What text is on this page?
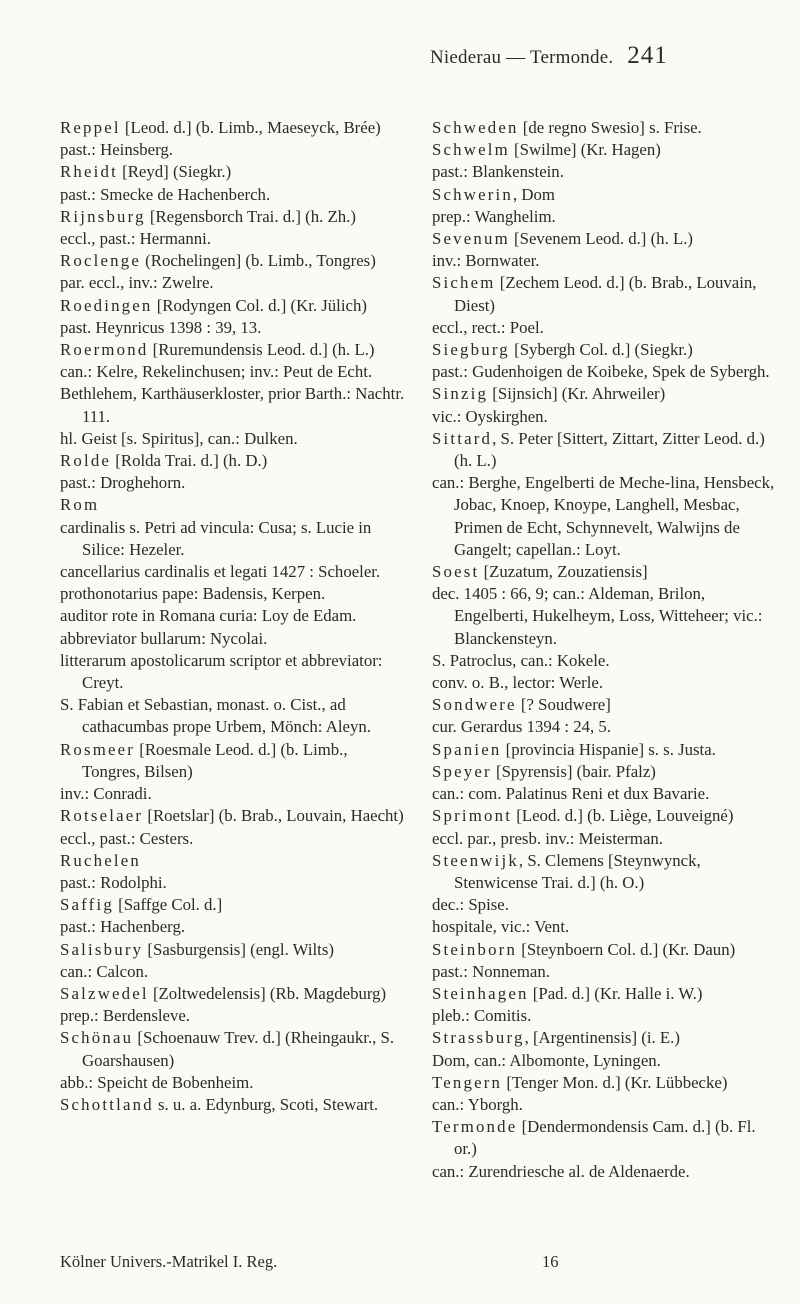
Niederau — Termonde. 241

Reppel [Leod. d.] (b. Limb., Maeseyck, Brée)
past.: Heinsberg.

Rheidt [Reyd] (Siegkr.)
past.: Smecke de Hachenberch.

Rijnsburg [Regensborch Trai. d.] (h. Zh.)
eccl., past.: Hermanni.

Roclenge (Rochelingen] (b. Limb., Tongres)
par. eccl., inv.: Zwelre.

Roedingen [Rodyngen Col. d.] (Kr. Jülich)
past. Heynricus 1398 : 39, 13.

Roermond [Ruremundensis Leod. d.] (h. L.)
can.: Kelre, Rekelinchusen; inv.: Peut de Echt.
Bethlehem, Karthäuserkloster, prior Barth.: Nachtr. 111.
hl. Geist [s. Spiritus], can.: Dulken.

Rolde [Rolda Trai. d.] (h. D.)
past.: Droghehorn.

Rom
cardinalis s. Petri ad vincula: Cusa; s. Lucie in Silice: Hezeler.
cancellarius cardinalis et legati 1427 : Schoeler.
prothonotarius pape: Badensis, Kerpen.
auditor rote in Romana curia: Loy de Edam.
abbreviator bullarum: Nycolai.
litterarum apostolicarum scriptor et abbreviator: Creyt.
S. Fabian et Sebastian, monast. o. Cist., ad cathacumbas prope Urbem, Mönch: Aleyn.

Rosmeer [Roesmale Leod. d.] (b. Limb., Tongres, Bilsen)
inv.: Conradi.

Rotselaer [Roetslar] (b. Brab., Louvain, Haecht)
eccl., past.: Cesters.

Ruchelen
past.: Rodolphi.

Saffig [Saffge Col. d.]
past.: Hachenberg.

Salisbury [Sasburgensis] (engl. Wilts)
can.: Calcon.

Salzwedel [Zoltwedelensis] (Rb. Magdeburg)
prep.: Berdensleve.

Schönau [Schoenauw Trev. d.] (Rheingaukr., S. Goarshausen)
abb.: Speicht de Bobenheim.

Schottland s. u. a. Edynburg, Scoti, Stewart.

Schweden [de regno Swesio] s. Frise.

Schwelm [Swilme] (Kr. Hagen)
past.: Blankenstein.

Schwerin, Dom
prep.: Wanghelim.

Sevenum [Sevenem Leod. d.] (h. L.)
inv.: Bornwater.

Sichem [Zechem Leod. d.] (b. Brab., Louvain, Diest)
eccl., rect.: Poel.

Siegburg [Sybergh Col. d.] (Siegkr.)
past.: Gudenhoigen de Koibeke, Spek de Sybergh.

Sinzig [Sijnsich] (Kr. Ahrweiler)
vic.: Oyskirghen.

Sittard, S. Peter [Sittert, Zittart, Zitter Leod. d.) (h. L.)
can.: Berghe, Engelberti de Meche-lina, Hensbeck, Jobac, Knoep, Knoype, Langhell, Mesbac, Primen de Echt, Schynnevelt, Walwijns de Gangelt; capellan.: Loyt.

Soest [Zuzatum, Zouzatiensis]
dec. 1405 : 66, 9; can.: Aldeman, Brilon, Engelberti, Hukelheym, Loss, Witteheer; vic.: Blanckensteyn.
S. Patroclus, can.: Kokele.
conv. o. B., lector: Werle.

Sondwere [? Soudwere]
cur. Gerardus 1394 : 24, 5.

Spanien [provincia Hispanie] s. s. Justa.

Speyer [Spyrensis] (bair. Pfalz)
can.: com. Palatinus Reni et dux Bavarie.

Sprimont [Leod. d.] (b. Liège, Louveigné)
eccl. par., presb. inv.: Meisterman.

Steenwijk, S. Clemens [Steynwynck, Stenwicense Trai. d.] (h. O.)
dec.: Spise.
hospitale, vic.: Vent.

Steinborn [Steynboern Col. d.] (Kr. Daun)
past.: Nonneman.

Steinhagen [Pad. d.] (Kr. Halle i. W.)
pleb.: Comitis.

Strassburg, [Argentinensis] (i. E.)
Dom, can.: Albomonte, Lyningen.

Tengern [Tenger Mon. d.] (Kr. Lübbecke)
can.: Yborgh.

Termonde [Dendermondensis Cam. d.] (b. Fl. or.)
can.: Zurendriesche al. de Aldenaerde.

Kölner Univers.-Matrikel I. Reg.	16
